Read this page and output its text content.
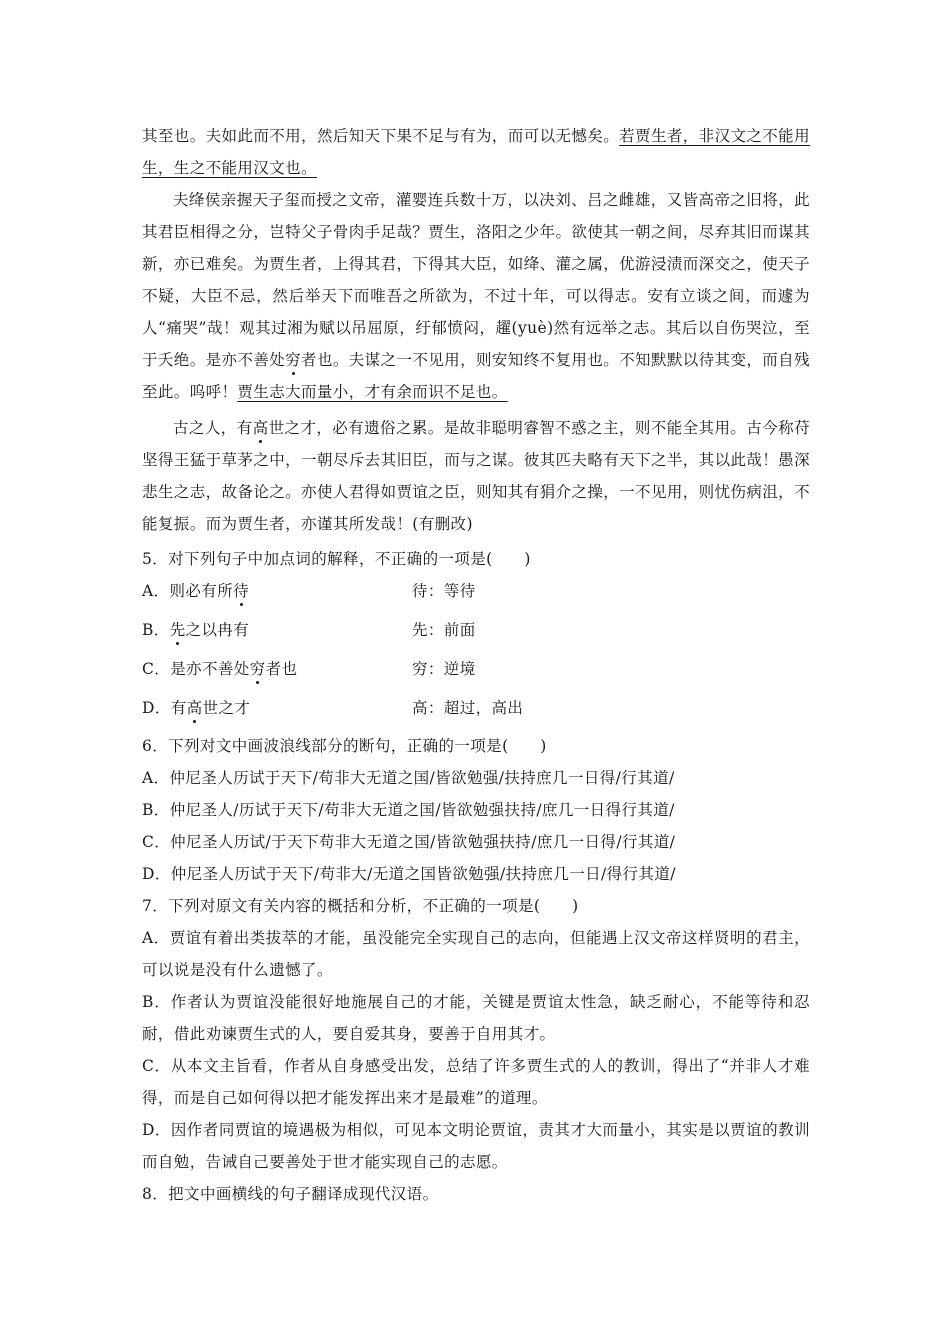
其至也。夫如此而不用，然后知天下果不足与有为，而可以无憾矣。若贾生者，非汉文之不能用生，生之不能用汉文也。

夫绛侯亲握天子玺而授之文帝，灌婴连兵数十万，以决刘、吕之雌雄，又皆高帝之旧将，此其君臣相得之分，岂特父子骨肉手足哉？贾生，洛阳之少年。欲使其一朝之间，尽弃其旧而谋其新，亦已难矣。为贾生者，上得其君，下得其大臣，如绛、灌之属，优游浸渍而深交之，使天子不疑，大臣不忌，然后举天下而唯吾之所欲为，不过十年，可以得志。安有立谈之间，而遽为人“痛哭”哉！观其过湘为赋以吊屈原，纡郁愤闷，趯(yuè)然有远举之志。其后以自伤哭泣，至于夭绝。是亦不善处穷者也。夫谋之一不见用，则安知终不复用也。不知默默以待其变，而自残至此。呜呼！贾生志大而量小，才有余而识不足也。

古之人，有高世之才，必有遗俗之累。是故非聪明睿智不惑之主，则不能全其用。古今称苻坚得王猛于草茅之中，一朝尽斥去其旧臣，而与之谋。彼其匹夫略有天下之半，其以此哉！愚深悲生之志，故备论之。亦使人君得如贾谊之臣，则知其有狷介之操，一不见用，则忧伤病沮，不能复振。而为贾生者，亦谨其所发哉！(有删改)

5．对下列句子中加点词的解释，不正确的一项是(　　)
A．则必有所待	待：等待
B．先之以冉有	先：前面
C．是亦不善处穷者也	穷：逆境
D．有高世之才	高：超过，高出
6．下列对文中画波浪线部分的断句，正确的一项是(　　)
A．仲尼圣人历试于天下/苟非大无道之国/皆欲勉强/扶持庶几一日得/行其道/
B．仲尼圣人/历试于天下/苟非大无道之国/皆欲勉强扶持/庶几一日得行其道/
C．仲尼圣人历试/于天下苟非大无道之国/皆欲勉强扶持/庶几一日得/行其道/
D．仲尼圣人历试于天下/苟非大/无道之国皆欲勉强/扶持庶几一日/得行其道/
7．下列对原文有关内容的概括和分析，不正确的一项是(　　)

A．贾谊有着出类拔萃的才能，虽没能完全实现自己的志向，但能遇上汉文帝这样贤明的君主，可以说是没有什么遗憾了。

B．作者认为贾谊没能很好地施展自己的才能，关键是贾谊太性急，缺乏耐心，不能等待和忍耐，借此劝谏贾生式的人，要自爱其身，要善于自用其才。

C．从本文主旨看，作者从自身感受出发，总结了许多贾生式的人的教训，得出了“并非人才难得，而是自己如何得以把才能发挥出来才是最难”的道理。

D．因作者同贾谊的境遇极为相似，可见本文明论贾谊，责其才大而量小，其实是以贾谊的教训而自勉，告诫自己要善处于世才能实现自己的志愿。

8．把文中画横线的句子翻译成现代汉语。
